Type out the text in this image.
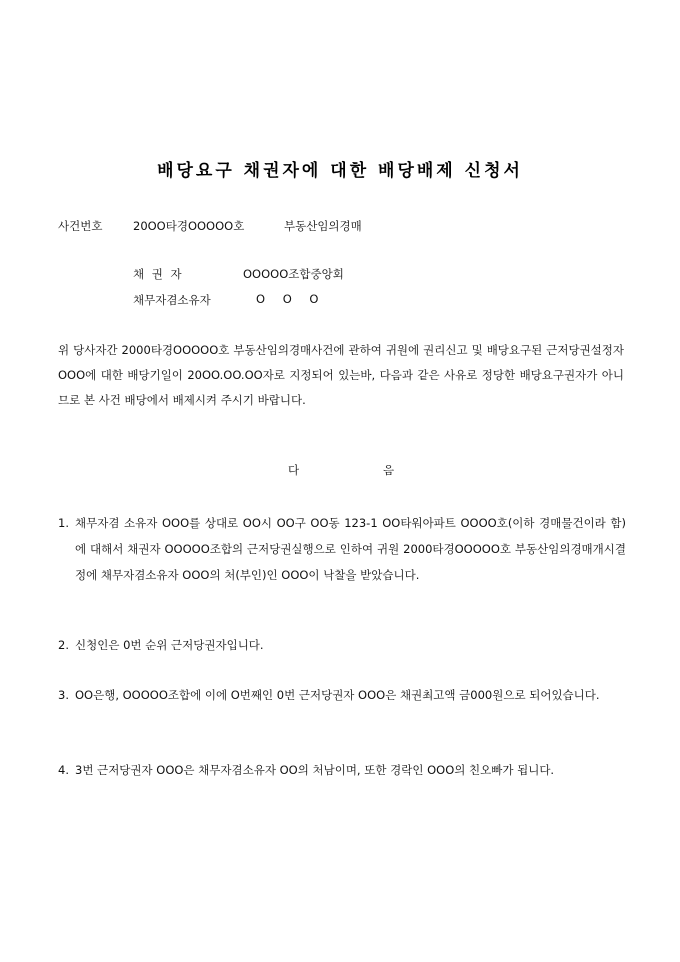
배당요구 채권자에 대한 배당배제 신청서
사건번호	20OO타경OOOOO호	부동산임의경매
채 권 자	OOOOO조합중앙회
채무자겸소유자	O O O
위 당사자간 2000타경OOOOO호 부동산임의경매사건에 관하여 귀원에 권리신고 및 배당요구된 근저당권설정자 OOO에 대한 배당기일이 20OO.OO.OO자로 지정되어 있는바, 다음과 같은 사유로 정당한 배당요구권자가 아니므로 본 사건 배당에서 배제시켜 주시기 바랍니다.
다	음
1. 채무자겸 소유자 OOO를 상대로 OO시 OO구 OO동 123-1 OO타워아파트 OOOO호(이하 경매물건이라 함)에 대해서 채권자 OOOOO조합의 근저당권실행으로 인하여 귀원 2000타경OOOOO호 부동산임의경매개시결정에 채무자겸소유자 OOO의 처(부인)인 OOO이 낙찰을 받았습니다.
2. 신청인은 0번 순위 근저당권자입니다.
3. OO은행, OOOOO조합에 이에 O번째인 0번 근저당권자 OOO은 채권최고액 금000원으로 되어있습니다.
4. 3번 근저당권자 OOO은 채무자겸소유자 OO의 처남이며, 또한 경락인 OOO의 친오빠가 됩니다.
